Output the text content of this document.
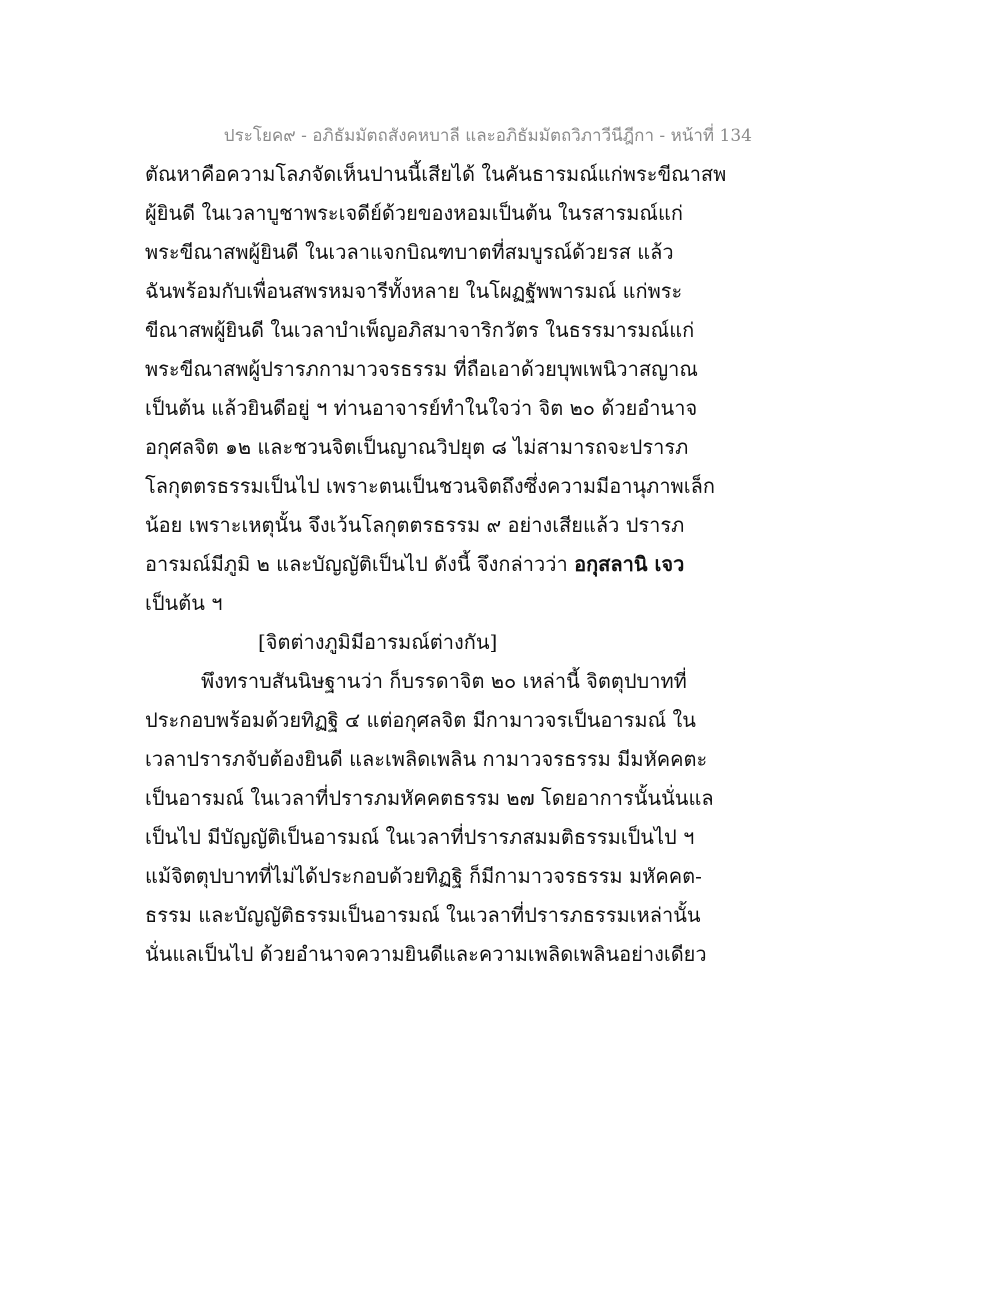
ประโยค๙ - อภิธัมมัตถสังคหบาลี และอภิธัมมัตถวิภาวีนีฎีกา - หน้าที่ 134
ตัณหาคือความโลภจัดเห็นปานนี้เสียได้ ในคันธารมณ์แก่พระขีณาสพ
ผู้ยินดี ในเวลาบูชาพระเจดีย์ด้วยของหอมเป็นต้น ในรสารมณ์แก่
พระขีณาสพผู้ยินดี ในเวลาแจกบิณฑบาตที่สมบูรณ์ด้วยรส แล้ว
ฉันพร้อมกับเพื่อนสพรหมจารีทั้งหลาย ในโผฏฐัพพารมณ์ แก่พระ
ขีณาสพผู้ยินดี ในเวลาบำเพ็ญอภิสมาจาริกวัตร ในธรรมารมณ์แก่
พระขีณาสพผู้ปรารภกามาวจรธรรม ที่ถือเอาด้วยบุพเพนิวาสญาณ
เป็นต้น แล้วยินดีอยู่ ฯ ท่านอาจารย์ทำในใจว่า จิต ๒๐ ด้วยอำนาจ
อกุศลจิต ๑๒ และชวนจิตเป็นญาณวิปยุต ๘ ไม่สามารถจะปรารภ
โลกุตตรธรรมเป็นไป เพราะตนเป็นชวนจิตถึงซึ่งความมีอานุภาพเล็ก
น้อย เพราะเหตุนั้น จึงเว้นโลกุตตรธรรม ๙ อย่างเสียแล้ว ปรารภ
อารมณ์มีภูมิ ๒ และบัญญัติเป็นไป ดังนี้ จึงกล่าวว่า อกุสลานิ เจว
เป็นต้น ฯ
[จิตต่างภูมิมีอารมณ์ต่างกัน]
พึงทราบสันนิษฐานว่า ก็บรรดาจิต ๒๐ เหล่านี้ จิตตุปบาทที่
ประกอบพร้อมด้วยทิฏฐิ ๔ แต่อกุศลจิต มีกามาวจรเป็นอารมณ์ ใน
เวลาปรารภจับต้องยินดี และเพลิดเพลิน กามาวจรธรรม มีมหัคคตะ
เป็นอารมณ์ ในเวลาที่ปรารภมหัคคตธรรม ๒๗ โดยอาการนั้นนั่นแล
เป็นไป มีบัญญัติเป็นอารมณ์ ในเวลาที่ปรารภสมมติธรรมเป็นไป ฯ
แม้จิตตุปบาทที่ไม่ได้ประกอบด้วยทิฏฐิ ก็มีกามาวจรธรรม มหัคคต-
ธรรม และบัญญัติธรรมเป็นอารมณ์ ในเวลาที่ปรารภธรรมเหล่านั้น
นั่นแลเป็นไป ด้วยอำนาจความยินดีและความเพลิดเพลินอย่างเดียว
